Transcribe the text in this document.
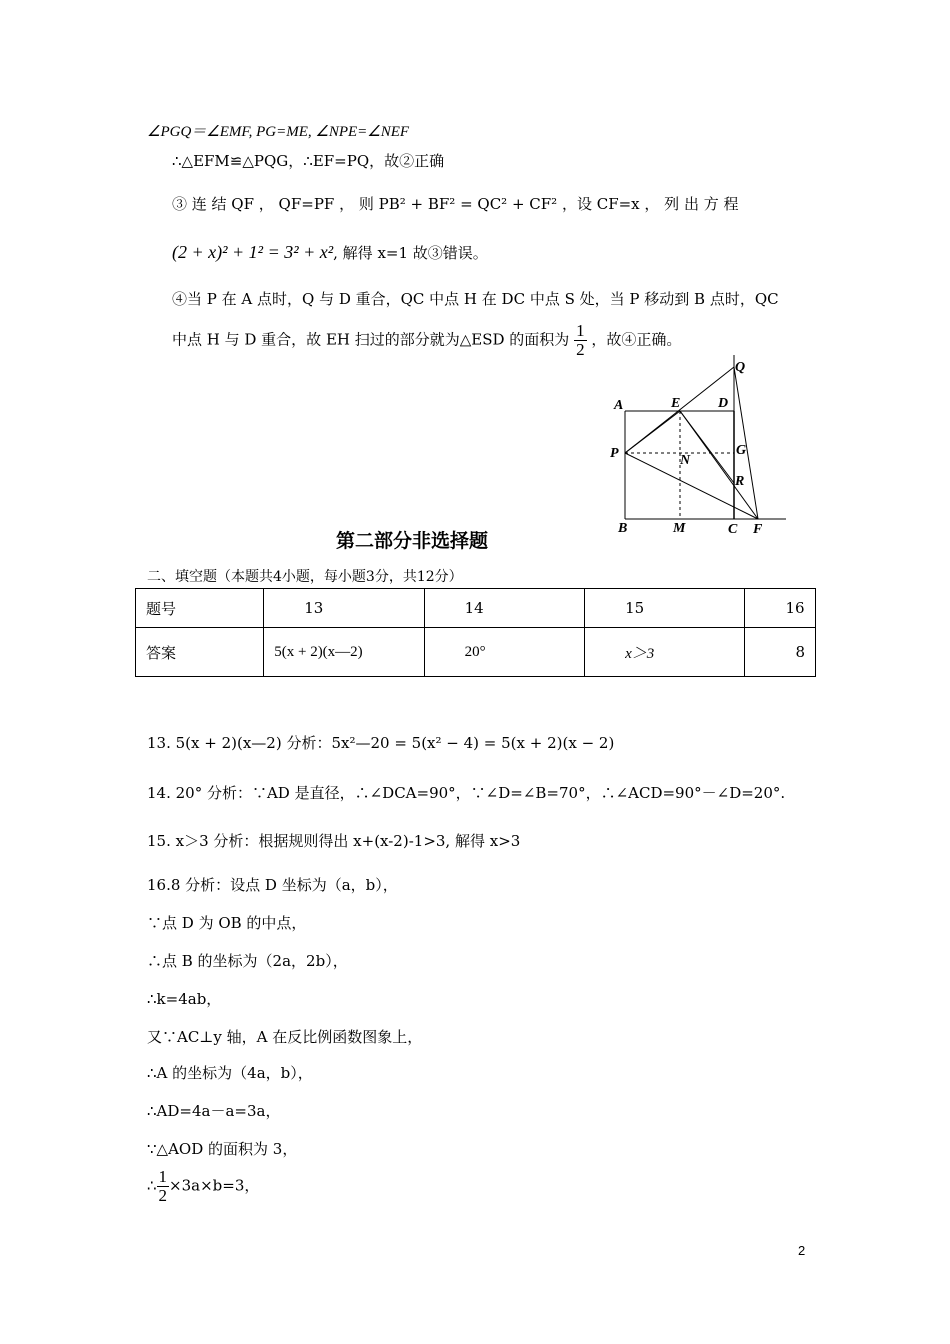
∠PGQ＝∠EMF, PG=ME, ∠NPE=∠NEF
∴△EFM≌△PQG，∴EF=PQ，故②正确
③ 连 结 QF ， QF=PF ， 则 PB² + BF² = QC² + CF² ，设 CF=x ， 列 出 方 程
(2 + x)² + 1² = 3² + x², 解得 x=1 故③错误。
④当 P 在 A 点时，Q 与 D 重合，QC 中点 H 在 DC 中点 S 处，当 P 移动到 B 点时，QC
中点 H 与 D 重合，故 EH 扫过的部分就为△ESD 的面积为 $\frac{1}{2}$ ，故④正确。
Q
A	E	D
P	G
N
R
B	M	C F
第二部分非选择题
二、填空题（本题共4小题，每小题3分，共12分）
题号	13	14	15	16
答案	5(x + 2)(x—2)	20°	x＞3	8
13. 5(x + 2)(x—2) 分析：5x²—20 = 5(x² − 4) = 5(x + 2)(x − 2)
14. 20° 分析：∵AD 是直径，∴∠DCA=90°，∵∠D=∠B=70°，∴∠ACD=90°－∠D=20°.
15. x＞3 分析：根据规则得出 x+(x-2)-1>3, 解得 x>3
16.8 分析：设点 D 坐标为（a，b），
∵点 D 为 OB 的中点，
∴点 B 的坐标为（2a，2b），
∴k=4ab，
又∵AC⊥y 轴，A 在反比例函数图象上，
∴A 的坐标为（4a，b），
∴AD=4a－a=3a，
∵△AOD 的面积为 3，
∴ $\frac{1}{2} \times 3a\times b=3$，
2
